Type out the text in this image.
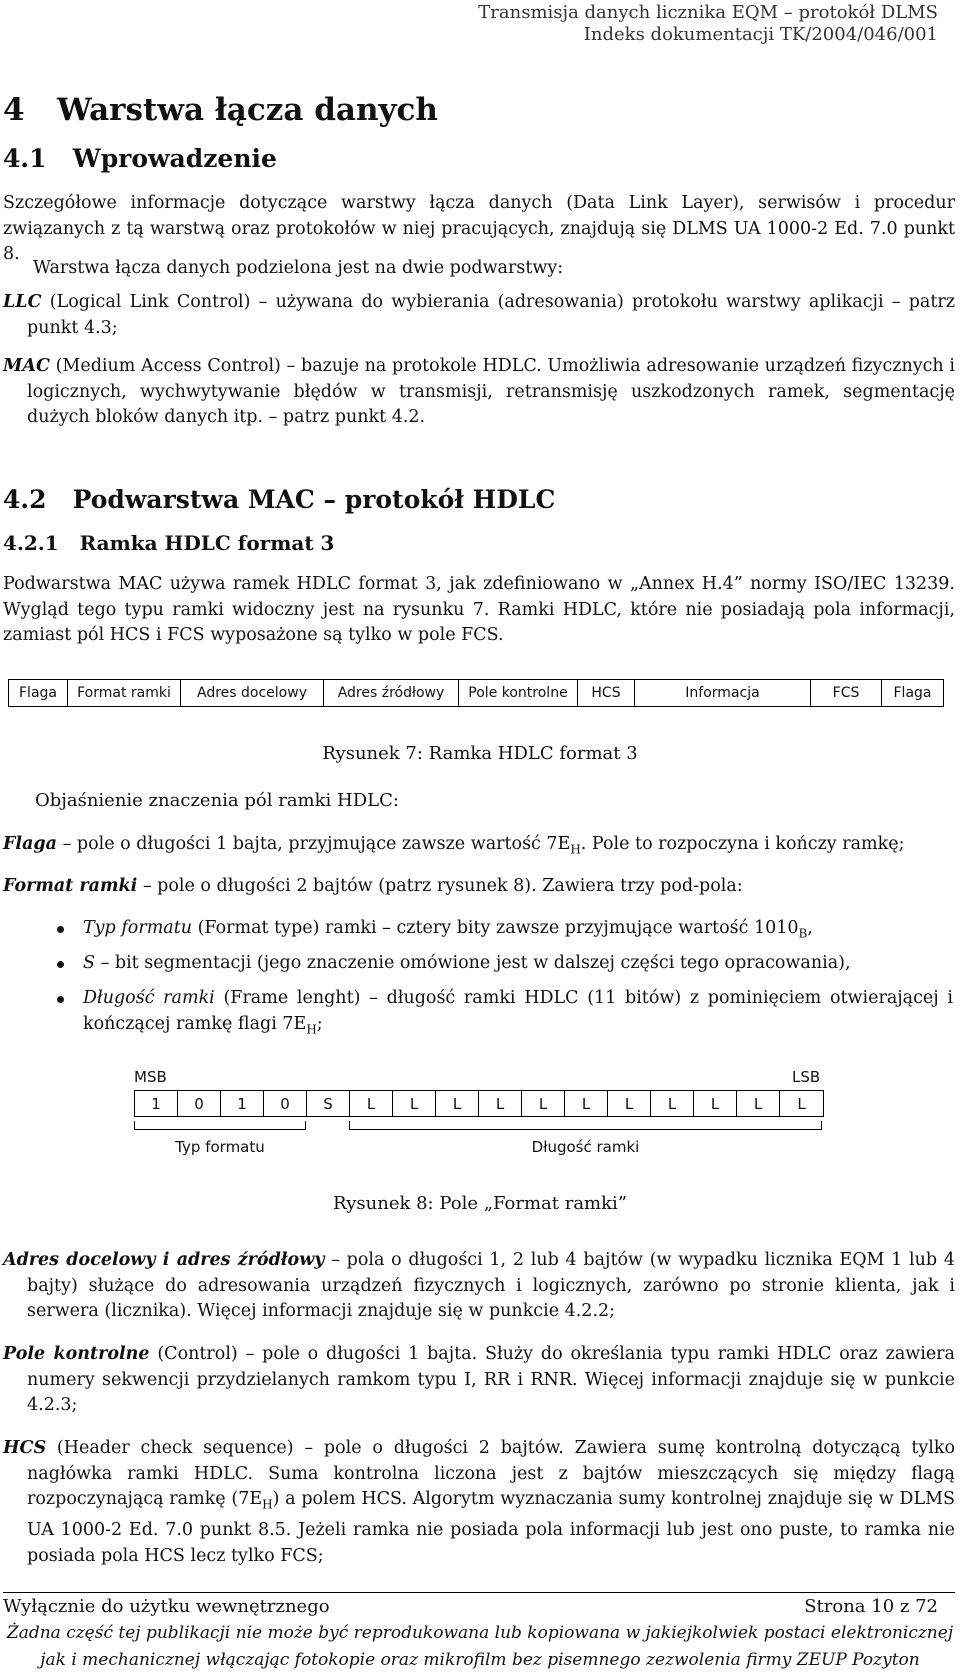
Transmisja danych licznika EQM – protokół DLMS
Indeks dokumentacji TK/2004/046/001
4 Warstwa łącza danych
4.1 Wprowadzenie
Szczegółowe informacje dotyczące warstwy łącza danych (Data Link Layer), serwisów i procedur związanych z tą warstwą oraz protokołów w niej pracujących, znajdują się DLMS UA 1000-2 Ed. 7.0 punkt 8.
Warstwa łącza danych podzielona jest na dwie podwarstwy:
LLC (Logical Link Control) – używana do wybierania (adresowania) protokołu warstwy aplikacji – patrz punkt 4.3;
MAC (Medium Access Control) – bazuje na protokole HDLC. Umożliwia adresowanie urządzeń fizycznych i logicznych, wychwytywanie błędów w transmisji, retransmisję uszkodzonych ramek, segmentację dużych bloków danych itp. – patrz punkt 4.2.
4.2 Podwarstwa MAC – protokół HDLC
4.2.1 Ramka HDLC format 3
Podwarstwa MAC używa ramek HDLC format 3, jak zdefiniowano w „Annex H.4” normy ISO/IEC 13239. Wygląd tego typu ramki widoczny jest na rysunku 7. Ramki HDLC, które nie posiadają pola informacji, zamiast pól HCS i FCS wyposażone są tylko w pole FCS.
Flaga	Format ramki	Adres docelowy	Adres źródłowy	Pole kontrolne	HCS	Informacja	FCS	Flaga
Rysunek 7: Ramka HDLC format 3
Objaśnienie znaczenia pól ramki HDLC:
Flaga – pole o długości 1 bajta, przyjmujące zawsze wartość $7E_H$. Pole to rozpoczyna i kończy ramkę;
Format ramki – pole o długości 2 bajtów (patrz rysunek 8). Zawiera trzy pod-pola:
Typ formatu (Format type) ramki – cztery bity zawsze przyjmujące wartość $1010_B$,
S – bit segmentacji (jego znaczenie omówione jest w dalszej części tego opracowania),
Długość ramki (Frame lenght) – długość ramki HDLC (11 bitów) z pominięciem otwierającej i kończącej ramkę flagi $7E_H$;
MSB	LSB
1	0	1	0	S	L	L	L	L	L	L	L	L	L	L	L
Typ formatu	Długość ramki
Rysunek 8: Pole „Format ramki”
Adres docelowy i adres źródłowy – pola o długości 1, 2 lub 4 bajtów (w wypadku licznika EQM 1 lub 4 bajty) służące do adresowania urządzeń fizycznych i logicznych, zarówno po stronie klienta, jak i serwera (licznika). Więcej informacji znajduje się w punkcie 4.2.2;
Pole kontrolne (Control) – pole o długości 1 bajta. Służy do określania typu ramki HDLC oraz zawiera numery sekwencji przydzielanych ramkom typu I, RR i RNR. Więcej informacji znajduje się w punkcie 4.2.3;
HCS (Header check sequence) – pole o długości 2 bajtów. Zawiera sumę kontrolną dotyczącą tylko nagłówka ramki HDLC. Suma kontrolna liczona jest z bajtów mieszczących się między flagą rozpoczynającą ramkę $(7E_H)$ a polem HCS. Algorytm wyznaczania sumy kontrolnej znajduje się w DLMS UA 1000-2 Ed. 7.0 punkt 8.5. Jeżeli ramka nie posiada pola informacji lub jest ono puste, to ramka nie posiada pola HCS lecz tylko FCS;
Wyłącznie do użytku wewnętrznego	Strona 10 z 72
Żadna część tej publikacji nie może być reprodukowana lub kopiowana w jakiejkolwiek postaci elektronicznej
jak i mechanicznej włączając fotokopie oraz mikrofilm bez pisemnego zezwolenia firmy ZEUP Pozyton
